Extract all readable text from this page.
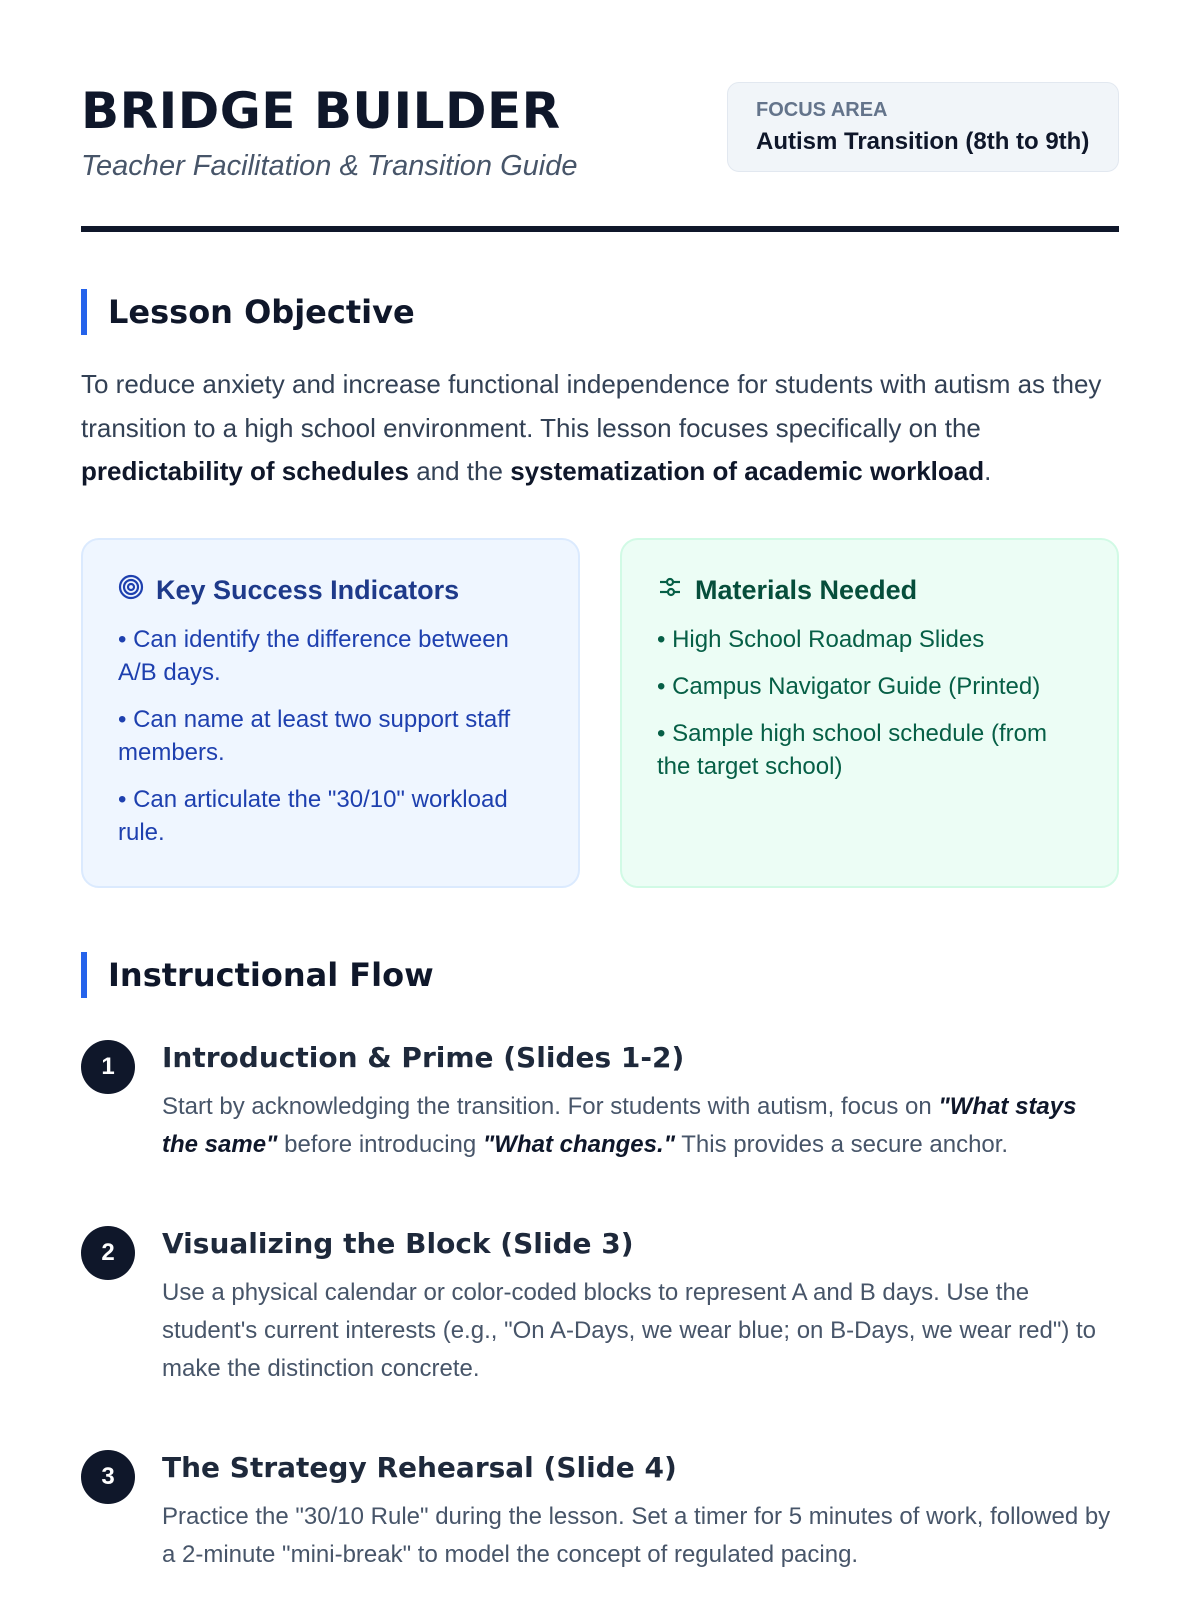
BRIDGE BUILDER
Teacher Facilitation & Transition Guide
FOCUS AREA
Autism Transition (8th to 9th)
Lesson Objective

To reduce anxiety and increase functional independence for students with autism as they transition to a high school environment. This lesson focuses specifically on the predictability of schedules and the systematization of academic workload.

Key Success Indicators
• Can identify the difference between A/B days.
• Can name at least two support staff members.
• Can articulate the "30/10" workload rule.
Materials Needed
• High School Roadmap Slides
• Campus Navigator Guide (Printed)
• Sample high school schedule (from the target school)
Instructional Flow
1	Introduction & Prime (Slides 1-2)

Start by acknowledging the transition. For students with autism, focus on "What stays the same" before introducing "What changes." This provides a secure anchor.

2	Visualizing the Block (Slide 3)

Use a physical calendar or color-coded blocks to represent A and B days. Use the student's current interests (e.g., "On A-Days, we wear blue; on B-Days, we wear red") to make the distinction concrete.

3	The Strategy Rehearsal (Slide 4)

Practice the "30/10 Rule" during the lesson. Set a timer for 5 minutes of work, followed by a 2-minute "mini-break" to model the concept of regulated pacing.
